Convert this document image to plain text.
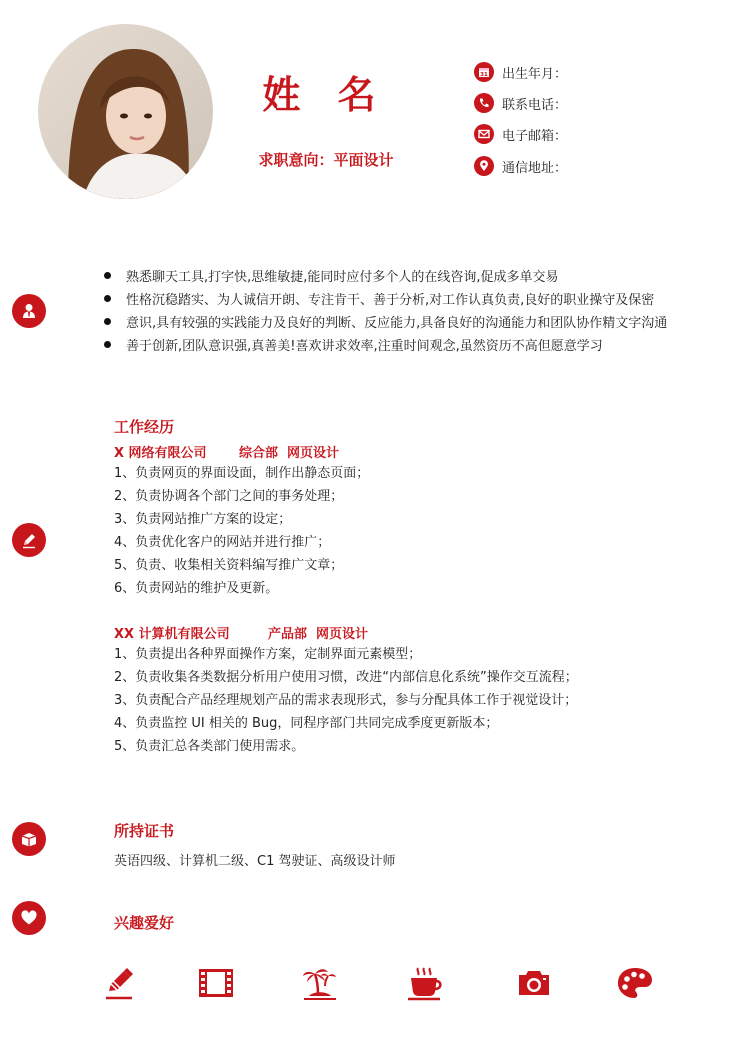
姓 名
求职意向：平面设计
31 出生年月：
联系电话：
电子邮箱：
通信地址：
熟悉聊天工具,打字快,思维敏捷,能同时应付多个人的在线咨询,促成多单交易
性格沉稳踏实、为人诚信开朗、专注肯干、善于分析,对工作认真负责,良好的职业操守及保密
意识,具有较强的实践能力及良好的判断、反应能力,具备良好的沟通能力和团队协作精文字沟通
善于创新,团队意识强,真善美!喜欢讲求效率,注重时间观念,虽然资历不高但愿意学习
工作经历
X 网络有限公司	综合部  网页设计
1、负责网页的界面设面，制作出静态页面；
2、负责协调各个部门之间的事务处理；
3、负责网站推广方案的设定；
4、负责优化客户的网站并进行推广；
5、负责、收集相关资料编写推广文章；
6、负责网站的维护及更新。
XX 计算机有限公司	产品部  网页设计
1、负责提出各种界面操作方案，定制界面元素模型；
2、负责收集各类数据分析用户使用习惯，改进“内部信息化系统”操作交互流程；
3、负责配合产品经理规划产品的需求表现形式，参与分配具体工作于视觉设计；
4、负责监控 UI 相关的 Bug，同程序部门共同完成季度更新版本；
5、负责汇总各类部门使用需求。
所持证书
英语四级、计算机二级、C1 驾驶证、高级设计师
兴趣爱好
